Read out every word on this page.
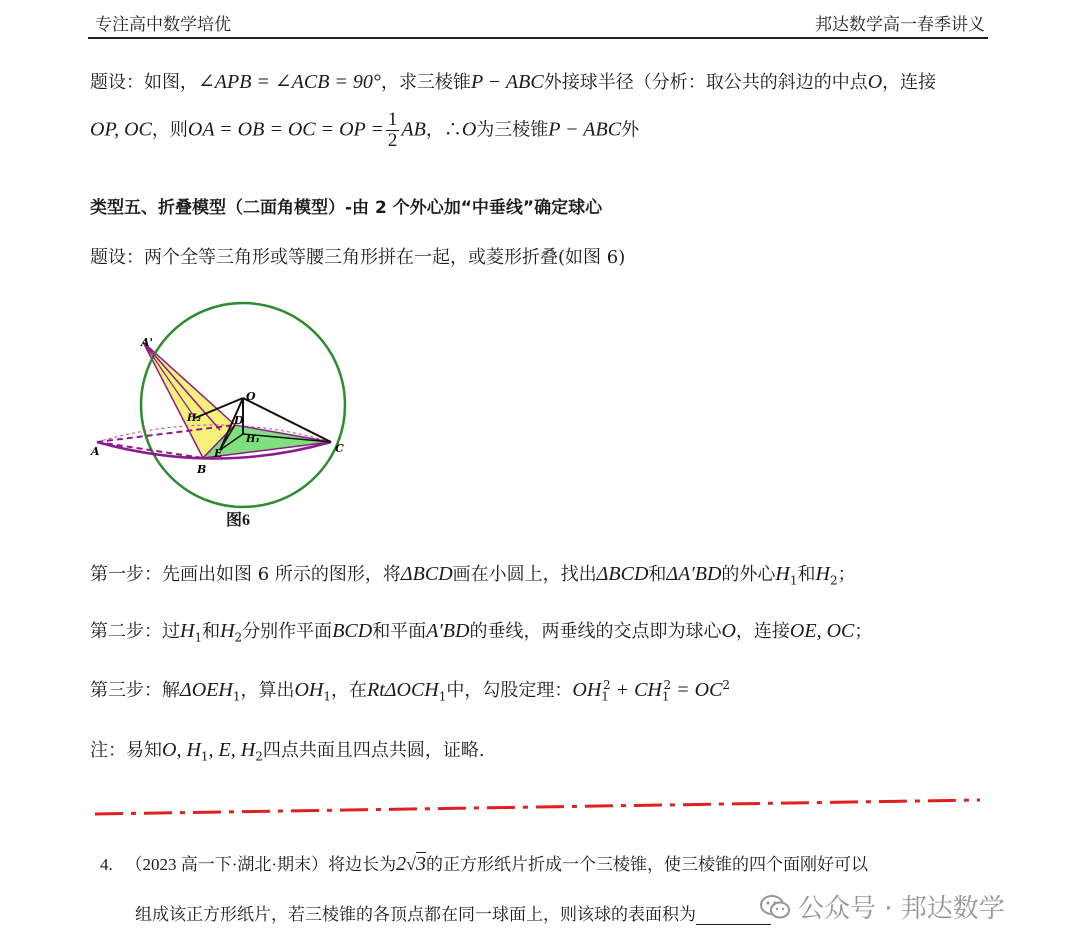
专注高中数学培优	邦达数学高一春季讲义
题设：如图，∠APB = ∠ACB = 90°，求三棱锥P − ABC外接球半径（分析：取公共的斜边的中点O，连接
OP, OC，则OA = OB = OC = OP = $\frac{1}{2}$ AB，∴O为三棱锥P − ABC外
类型五、折叠模型（二面角模型）-由 2 个外心加“中垂线”确定球心
题设：两个全等三角形或等腰三角形拼在一起，或菱形折叠(如图 6)
A'
A
B
C
O
D
E
H₁
H₂
图6
第一步：先画出如图 6 所示的图形，将ΔBCD画在小圆上，找出ΔBCD和ΔA′BD的外心$H_1$和$H_2$；
第二步：过$H_1$和$H_2$分别作平面BCD和平面A′BD的垂线，两垂线的交点即为球心O，连接OE, OC；
第三步：解$\Delta OEH_1$，算出$OH_1$，在RtΔOCH$_1$中，勾股定理：$OH_1^2 + CH_1^2 = OC^2$
注：易知O, $H_1$, E, $H_2$四点共面且四点共圆，证略.
4. （2023 高一下·湖北·期末）将边长为2√3的正方形纸片折成一个三棱锥，使三棱锥的四个面刚好可以
组成该正方形纸片，若三棱锥的各顶点都在同一球面上，则该球的表面积为	公众号 · 邦达数学
